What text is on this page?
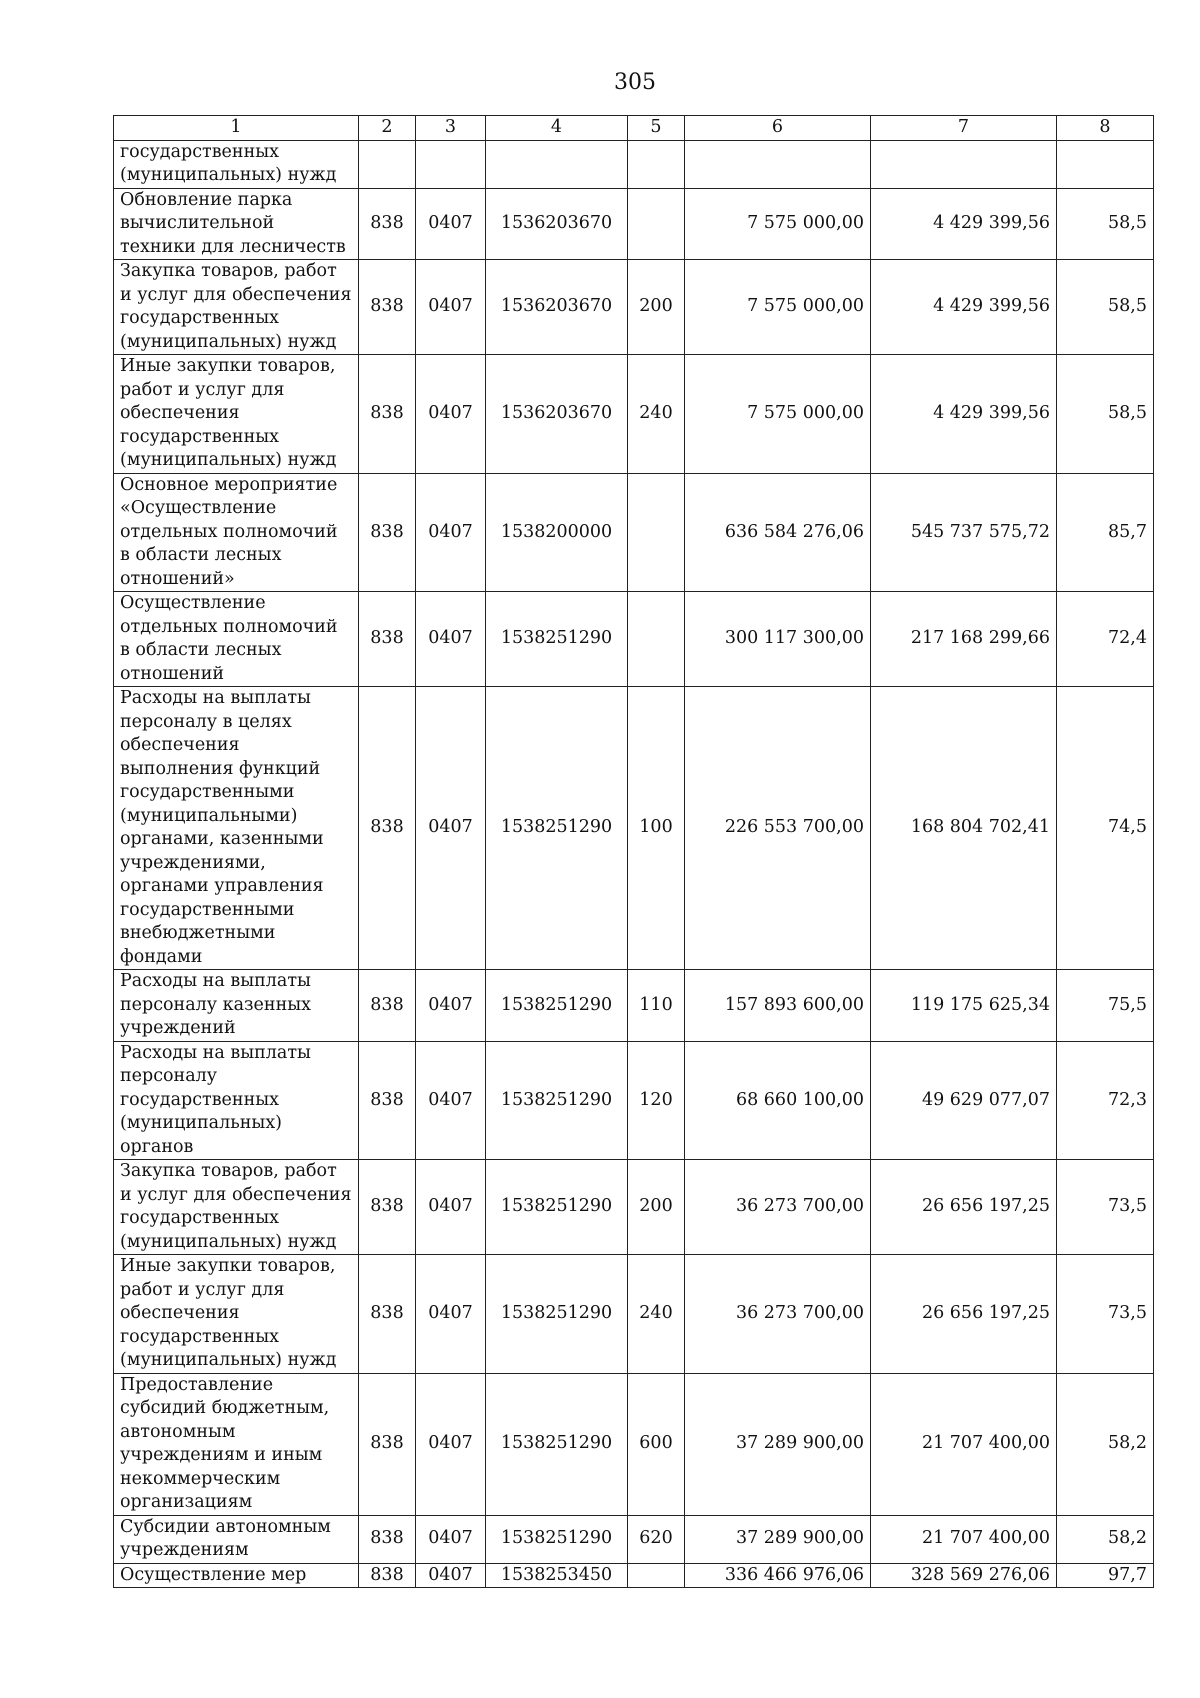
305
1	2	3	4	5	6	7	8
государственных (муниципальных) нужд							
Обновление парка вычислительной техники для лесничеств	838	0407	1536203670		7 575 000,00	4 429 399,56	58,5
Закупка товаров, работ и услуг для обеспечения государственных (муниципальных) нужд	838	0407	1536203670	200	7 575 000,00	4 429 399,56	58,5
Иные закупки товаров, работ и услуг для обеспечения государственных (муниципальных) нужд	838	0407	1536203670	240	7 575 000,00	4 429 399,56	58,5
Основное мероприятие «Осуществление отдельных полномочий в области лесных отношений»	838	0407	1538200000		636 584 276,06	545 737 575,72	85,7
Осуществление отдельных полномочий в области лесных отношений	838	0407	1538251290		300 117 300,00	217 168 299,66	72,4
Расходы на выплаты персоналу в целях обеспечения выполнения функций государственными (муниципальными) органами, казенными учреждениями, органами управления государственными внебюджетными фондами	838	0407	1538251290	100	226 553 700,00	168 804 702,41	74,5
Расходы на выплаты персоналу казенных учреждений	838	0407	1538251290	110	157 893 600,00	119 175 625,34	75,5
Расходы на выплаты персоналу государственных (муниципальных) органов	838	0407	1538251290	120	68 660 100,00	49 629 077,07	72,3
Закупка товаров, работ и услуг для обеспечения государственных (муниципальных) нужд	838	0407	1538251290	200	36 273 700,00	26 656 197,25	73,5
Иные закупки товаров, работ и услуг для обеспечения государственных (муниципальных) нужд	838	0407	1538251290	240	36 273 700,00	26 656 197,25	73,5
Предоставление субсидий бюджетным, автономным учреждениям и иным некоммерческим организациям	838	0407	1538251290	600	37 289 900,00	21 707 400,00	58,2
Субсидии автономным учреждениям	838	0407	1538251290	620	37 289 900,00	21 707 400,00	58,2
Осуществление мер	838	0407	1538253450		336 466 976,06	328 569 276,06	97,7
